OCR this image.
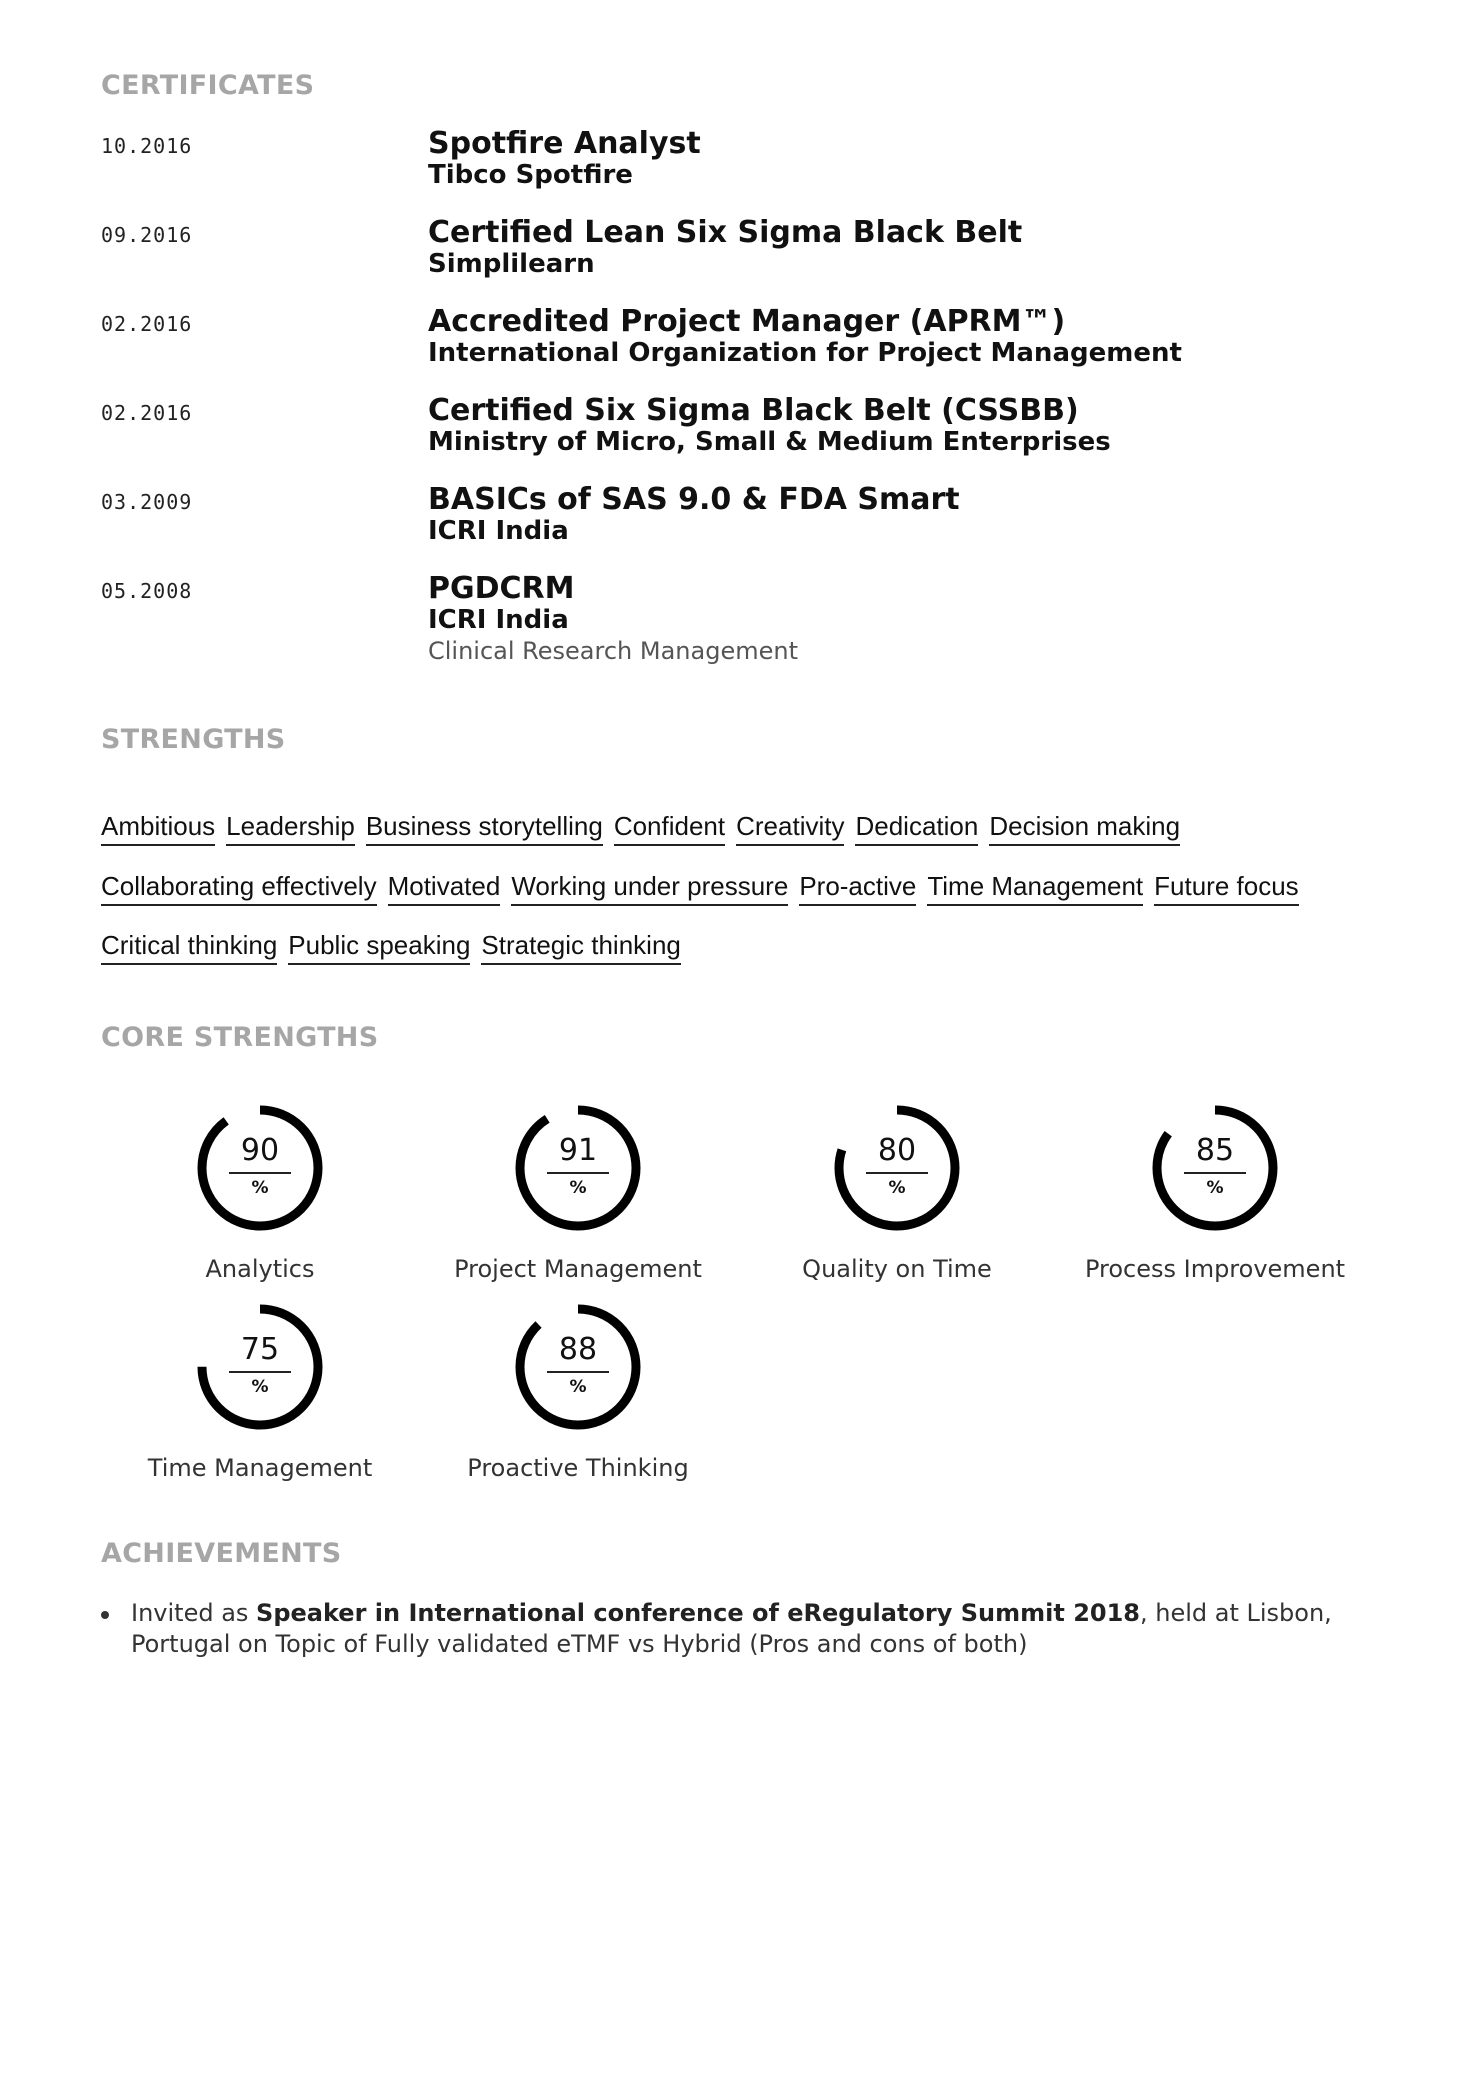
CERTIFICATES
10.2016	Spotfire Analyst
Tibco Spotfire
09.2016	Certified Lean Six Sigma Black Belt
Simplilearn
02.2016	Accredited Project Manager (APRM™)
International Organization for Project Management
02.2016	Certified Six Sigma Black Belt (CSSBB)
Ministry of Micro, Small & Medium Enterprises
03.2009	BASICs of SAS 9.0 & FDA Smart
ICRI India
05.2008	PGDCRM
ICRI India
Clinical Research Management
STRENGTHS
Ambitious Leadership Business storytelling Confident Creativity Dedication Decision making
Collaborating effectively Motivated Working under pressure Pro-active Time Management Future focus
Critical thinking Public speaking Strategic thinking
CORE STRENGTHS
90
%
Analytics
91
%
Project Management
80
%
Quality on Time
85
%
Process Improvement
75
%
Time Management
88
%
Proactive Thinking
ACHIEVEMENTS
Invited as Speaker in International conference of eRegulatory Summit 2018, held at Lisbon, Portugal on Topic of Fully validated eTMF vs Hybrid (Pros and cons of both)
